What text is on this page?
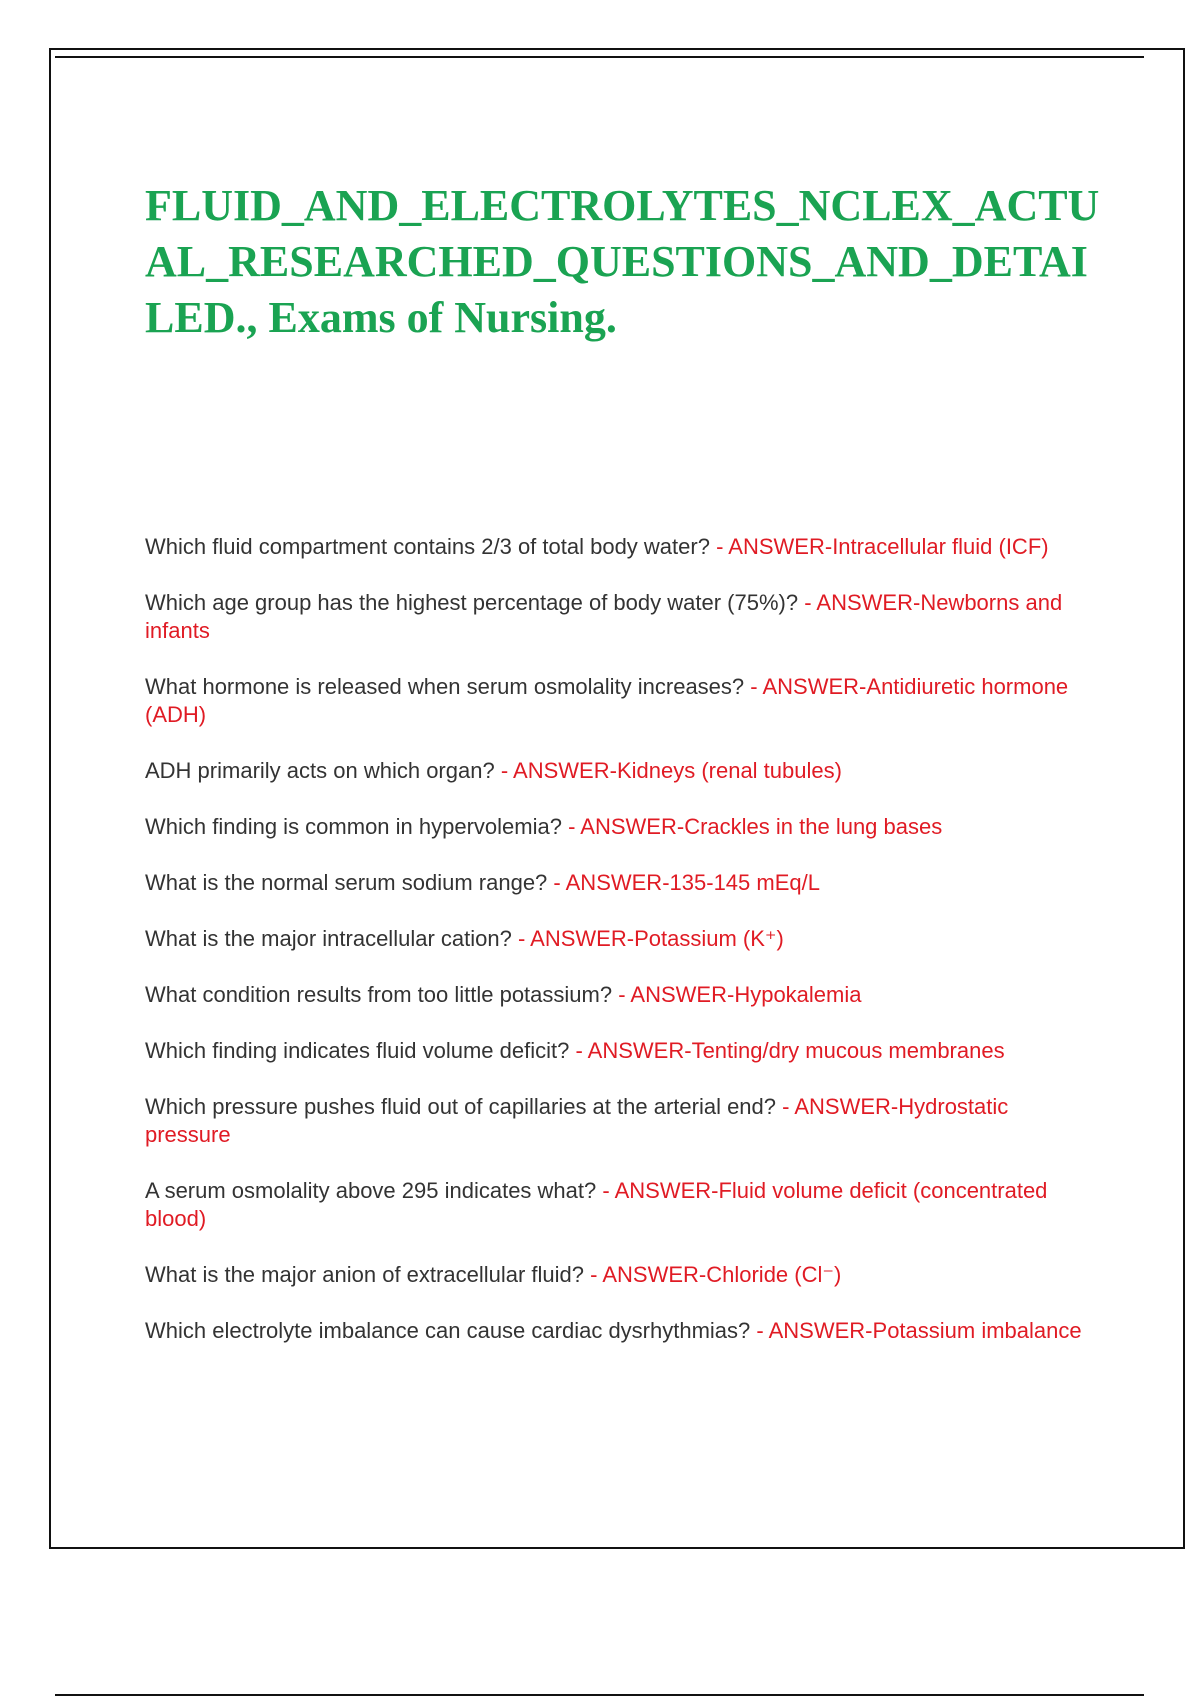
FLUID_AND_ELECTROLYTES_NCLEX_ACTUAL_RESEARCHED_QUESTIONS_AND_DETAILED., Exams of Nursing.
Which fluid compartment contains 2/3 of total body water? - ANSWER-Intracellular fluid (ICF)
Which age group has the highest percentage of body water (75%)? - ANSWER-Newborns and infants
What hormone is released when serum osmolality increases? - ANSWER-Antidiuretic hormone (ADH)
ADH primarily acts on which organ? - ANSWER-Kidneys (renal tubules)
Which finding is common in hypervolemia? - ANSWER-Crackles in the lung bases
What is the normal serum sodium range? - ANSWER-135-145 mEq/L
What is the major intracellular cation? - ANSWER-Potassium (K⁺)
What condition results from too little potassium? - ANSWER-Hypokalemia
Which finding indicates fluid volume deficit? - ANSWER-Tenting/dry mucous membranes
Which pressure pushes fluid out of capillaries at the arterial end? - ANSWER-Hydrostatic pressure
A serum osmolality above 295 indicates what? - ANSWER-Fluid volume deficit (concentrated blood)
What is the major anion of extracellular fluid? - ANSWER-Chloride (Cl⁻)
Which electrolyte imbalance can cause cardiac dysrhythmias? - ANSWER-Potassium imbalance
